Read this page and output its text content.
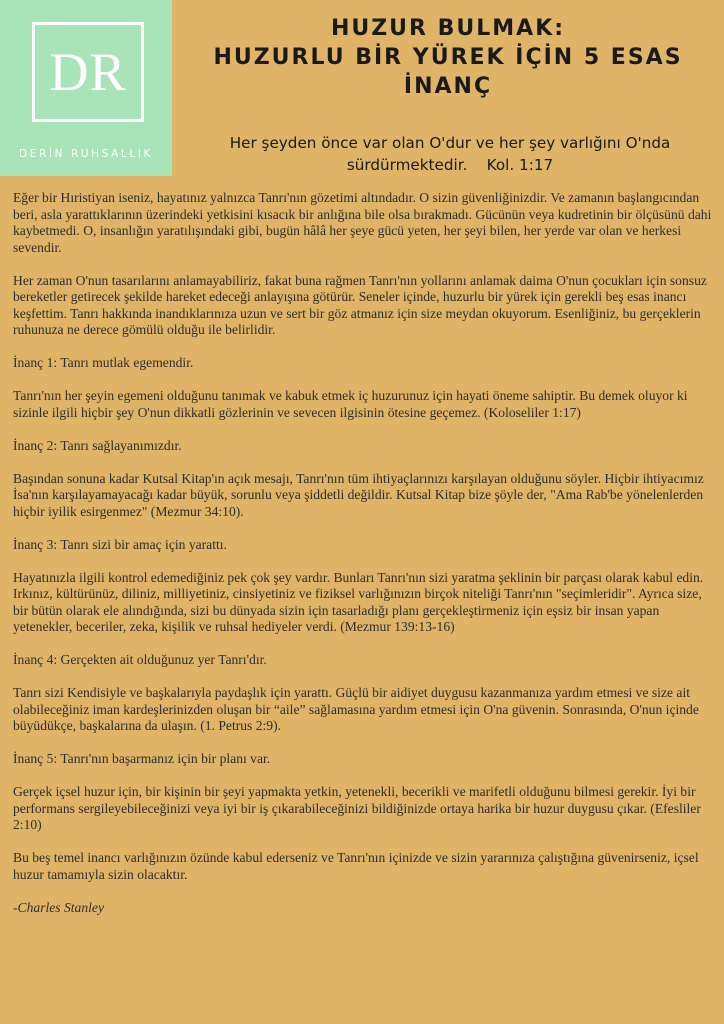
DR
DERİN RUHSALLIK
HUZUR BULMAK:
HUZURLU BİR YÜREK İÇİN 5 ESAS
İNANÇ
Her şeyden önce var olan O'dur ve her şey varlığını O'nda
sürdürmektedir.    Kol. 1:17

Eğer bir Hıristiyan iseniz, hayatınız yalnızca Tanrı'nın gözetimi altındadır. O sizin güvenliğinizdir. Ve zamanın başlangıcından beri, asla yarattıklarının üzerindeki yetkisini kısacık bir anlığına bile olsa bırakmadı. Gücünün veya kudretinin bir ölçüsünü dahi kaybetmedi. O, insanlığın yaratılışındaki gibi, bugün hâlâ her şeye gücü yeten, her şeyi bilen, her yerde var olan ve herkesi sevendir.

Her zaman O'nun tasarılarını anlamayabiliriz, fakat buna rağmen Tanrı'nın yollarını anlamak daima O'nun çocukları için sonsuz bereketler getirecek şekilde hareket edeceği anlayışına götürür. Seneler içinde, huzurlu bir yürek için gerekli beş esas inancı keşfettim. Tanrı hakkında inandıklarınıza uzun ve sert bir göz atmanız için size meydan okuyorum. Esenliğiniz, bu gerçeklerin ruhunuza ne derece gömülü olduğu ile belirlidir.

İnanç 1: Tanrı mutlak egemendir.

Tanrı'nın her şeyin egemeni olduğunu tanımak ve kabuk etmek iç huzurunuz için hayati öneme sahiptir. Bu demek oluyor ki sizinle ilgili hiçbir şey O'nun dikkatli gözlerinin ve sevecen ilgisinin ötesine geçemez. (Koloseliler 1:17)

İnanç 2: Tanrı sağlayanımızdır.

Başından sonuna kadar Kutsal Kitap'ın açık mesajı, Tanrı'nın tüm ihtiyaçlarınızı karşılayan olduğunu söyler. Hiçbir ihtiyacımız İsa'nın karşılayamayacağı kadar büyük, sorunlu veya şiddetli değildir. Kutsal Kitap bize şöyle der, "Ama Rab'be yönelenlerden hiçbir iyilik esirgenmez" (Mezmur 34:10).

İnanç 3: Tanrı sizi bir amaç için yarattı.

Hayatınızla ilgili kontrol edemediğiniz pek çok şey vardır. Bunları Tanrı'nın sizi yaratma şeklinin bir parçası olarak kabul edin. Irkınız, kültürünüz, diliniz, milliyetiniz, cinsiyetiniz ve fiziksel varlığınızın birçok niteliği Tanrı'nın "seçimleridir". Ayrıca size, bir bütün olarak ele alındığında, sizi bu dünyada sizin için tasarladığı planı gerçekleştirmeniz için eşsiz bir insan yapan yetenekler, beceriler, zeka, kişilik ve ruhsal hediyeler verdi. (Mezmur 139:13-16)

İnanç 4: Gerçekten ait olduğunuz yer Tanrı'dır.

Tanrı sizi Kendisiyle ve başkalarıyla paydaşlık için yarattı. Güçlü bir aidiyet duygusu kazanmanıza yardım etmesi ve size ait olabileceğiniz iman kardeşlerinizden oluşan bir “aile” sağlamasına yardım etmesi için O'na güvenin. Sonrasında, O'nun içinde büyüdükçe, başkalarına da ulaşın. (1. Petrus 2:9).

İnanç 5: Tanrı'nın başarmanız için bir planı var.

Gerçek içsel huzur için, bir kişinin bir şeyi yapmakta yetkin, yetenekli, becerikli ve marifetli olduğunu bilmesi gerekir. İyi bir performans sergileyebileceğinizi veya iyi bir iş çıkarabileceğinizi bildiğinizde ortaya harika bir huzur duygusu çıkar. (Efesliler 2:10)

Bu beş temel inancı varlığınızın özünde kabul ederseniz ve Tanrı'nın içinizde ve sizin yararınıza çalıştığına güvenirseniz, içsel huzur tamamıyla sizin olacaktır.

-Charles Stanley
